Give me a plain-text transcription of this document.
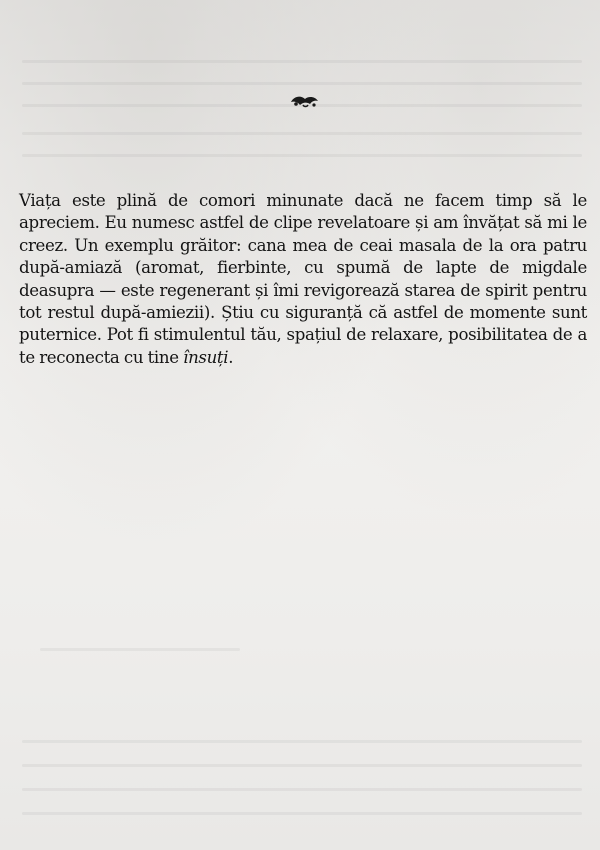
Viața este plină de comori minunate dacă ne facem timp să le apreciem. Eu numesc astfel de clipe revelatoare și am învățat să mi le creez. Un exemplu grăitor: cana mea de ceai masala de la ora patru după-amiază (aromat, fierbinte, cu spumă de lapte de migdale deasupra — este regenerant și îmi revigorează starea de spirit pentru tot restul după-amiezii). Știu cu siguranță că astfel de momente sunt puternice. Pot fi stimulentul tău, spațiul de relaxare, posibilitatea de a te reconecta cu tine însuți.
